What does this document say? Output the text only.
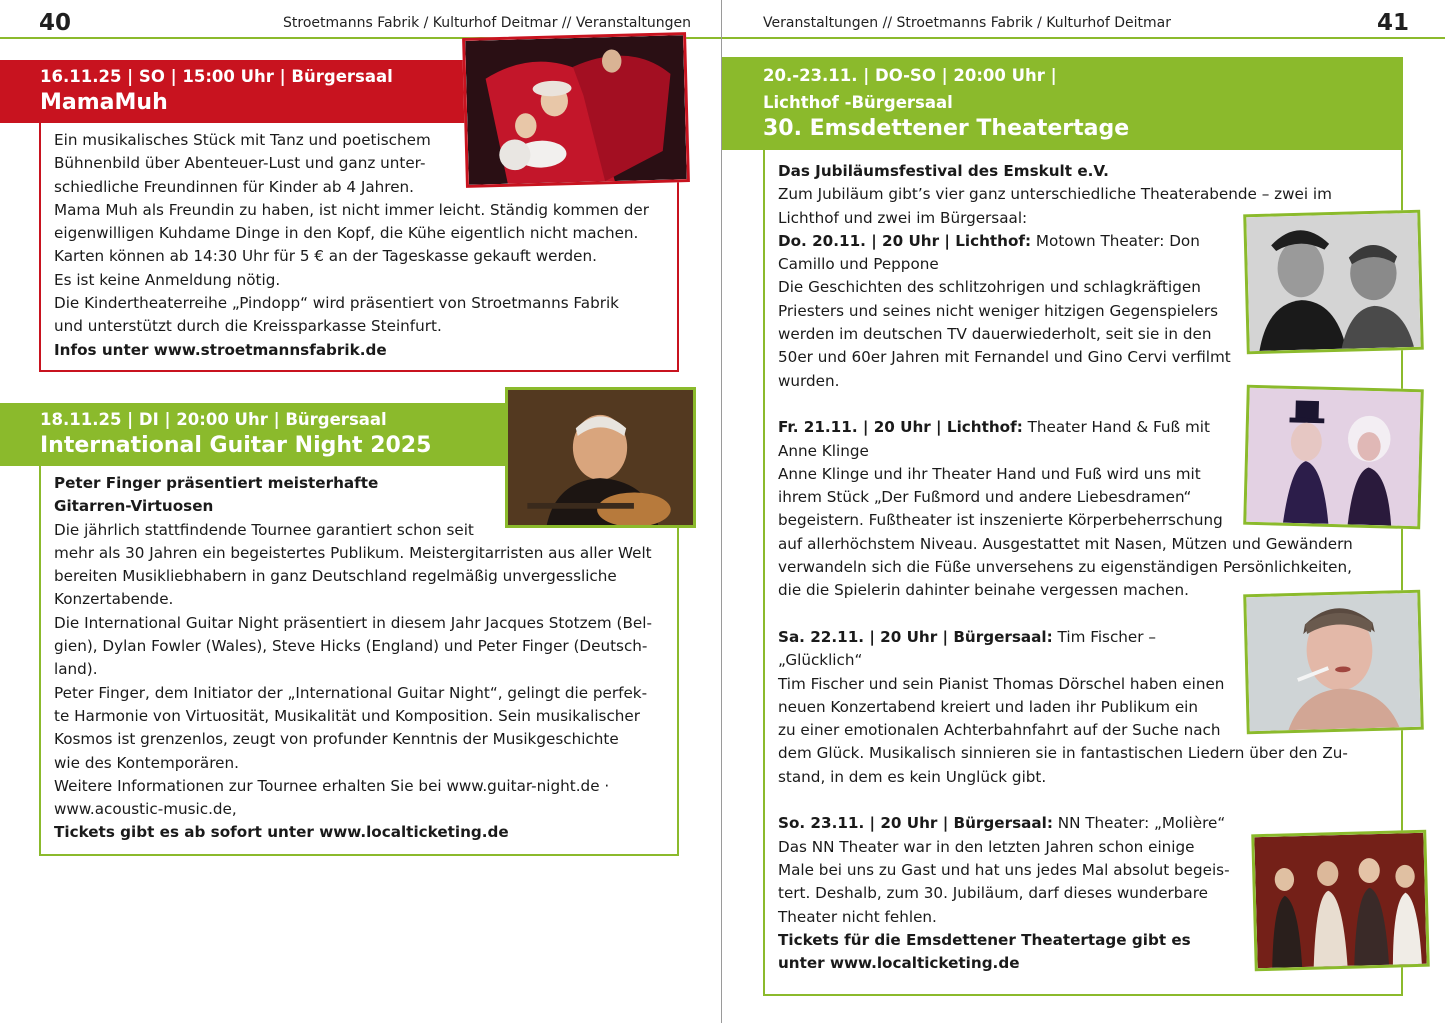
40	Stroetmanns Fabrik / Kulturhof Deitmar // Veranstaltungen
16.11.25 | SO | 15:00 Uhr | Bürgersaal
MamaMuh

Ein musikalisches Stück mit Tanz und poetischem

Bühnenbild über Abenteuer-Lust und ganz unter-

schiedliche Freundinnen für Kinder ab 4 Jahren.

Mama Muh als Freundin zu haben, ist nicht immer leicht. Ständig kommen der

eigenwilligen Kuhdame Dinge in den Kopf, die Kühe eigentlich nicht machen.

Karten können ab 14:30 Uhr für 5 € an der Tageskasse gekauft werden.

Es ist keine Anmeldung nötig.

Die Kindertheaterreihe „Pindopp“ wird präsentiert von Stroetmanns Fabrik

und unterstützt durch die Kreissparkasse Steinfurt.

Infos unter www.stroetmannsfabrik.de

18.11.25 | DI | 20:00 Uhr | Bürgersaal
International Guitar Night 2025

Peter Finger präsentiert meisterhafte

Gitarren-Virtuosen

Die jährlich stattfindende Tournee garantiert schon seit

mehr als 30 Jahren ein begeistertes Publikum. Meistergitarristen aus aller Welt

bereiten Musikliebhabern in ganz Deutschland regelmäßig unvergessliche

Konzertabende.

Die International Guitar Night präsentiert in diesem Jahr Jacques Stotzem (Bel-

gien), Dylan Fowler (Wales), Steve Hicks (England) und Peter Finger (Deutsch-

land).

Peter Finger, dem Initiator der „International Guitar Night“, gelingt die perfek-

te Harmonie von Virtuosität, Musikalität und Komposition. Sein musikalischer

Kosmos ist grenzenlos, zeugt von profunder Kenntnis der Musikgeschichte

wie des Kontemporären.

Weitere Informationen zur Tournee erhalten Sie bei www.guitar-night.de ·

www.acoustic-music.de,

Tickets gibt es ab sofort unter www.localticketing.de

Veranstaltungen // Stroetmanns Fabrik / Kulturhof Deitmar	41
20.-23.11. | DO-SO | 20:00 Uhr |
Lichthof -Bürgersaal
30. Emsdettener Theatertage

Das Jubiläumsfestival des Emskult e.V.

Zum Jubiläum gibt’s vier ganz unterschiedliche Theaterabende – zwei im

Lichthof und zwei im Bürgersaal:

Do. 20.11. | 20 Uhr | Lichthof: Motown Theater: Don

Camillo und Peppone

Die Geschichten des schlitzohrigen und schlagkräftigen

Priesters und seines nicht weniger hitzigen Gegenspielers

werden im deutschen TV dauerwiederholt, seit sie in den

50er und 60er Jahren mit Fernandel und Gino Cervi verfilmt

wurden.

Fr. 21.11. | 20 Uhr | Lichthof: Theater Hand & Fuß mit

Anne Klinge

Anne Klinge und ihr Theater Hand und Fuß wird uns mit

ihrem Stück „Der Fußmord und andere Liebesdramen“

begeistern. Fußtheater ist inszenierte Körperbeherrschung

auf allerhöchstem Niveau. Ausgestattet mit Nasen, Mützen und Gewändern

verwandeln sich die Füße unversehens zu eigenständigen Persönlichkeiten,

die die Spielerin dahinter beinahe vergessen machen.

Sa. 22.11. | 20 Uhr | Bürgersaal: Tim Fischer –

„Glücklich“

Tim Fischer und sein Pianist Thomas Dörschel haben einen

neuen Konzertabend kreiert und laden ihr Publikum ein

zu einer emotionalen Achterbahnfahrt auf der Suche nach

dem Glück. Musikalisch sinnieren sie in fantastischen Liedern über den Zu-

stand, in dem es kein Unglück gibt.

So. 23.11. | 20 Uhr | Bürgersaal: NN Theater: „Molière“

Das NN Theater war in den letzten Jahren schon einige

Male bei uns zu Gast und hat uns jedes Mal absolut begeis-

tert. Deshalb, zum 30. Jubiläum, darf dieses wunderbare

Theater nicht fehlen.

Tickets für die Emsdettener Theatertage gibt es

unter www.localticketing.de
